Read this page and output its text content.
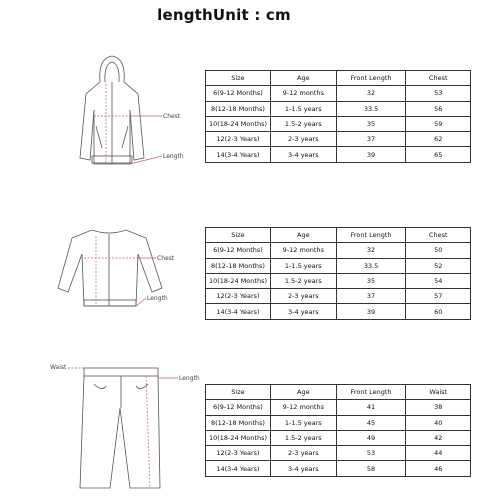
lengthUnit : cm
Chest
Length
Chest
Length
Waist
Length
Size	Age	Front Length	Chest
6(9-12 Months)	9-12 months	32	53
8(12-18 Months)	1-1.5 years	33.5	56
10(18-24 Months)	1.5-2 years	35	59
12(2-3 Years)	2-3 years	37	62
14(3-4 Years)	3-4 years	39	65
Size	Age	Front Length	Chest
6(9-12 Months)	9-12 months	32	50
8(12-18 Months)	1-1.5 years	33.5	52
10(18-24 Months)	1.5-2 years	35	54
12(2-3 Years)	2-3 years	37	57
14(3-4 Years)	3-4 years	39	60
Size	Age	Front Length	Waist
6(9-12 Months)	9-12 months	41	38
8(12-18 Months)	1-1.5 years	45	40
10(18-24 Months)	1.5-2 years	49	42
12(2-3 Years)	2-3 years	53	44
14(3-4 Years)	3-4 years	58	46
